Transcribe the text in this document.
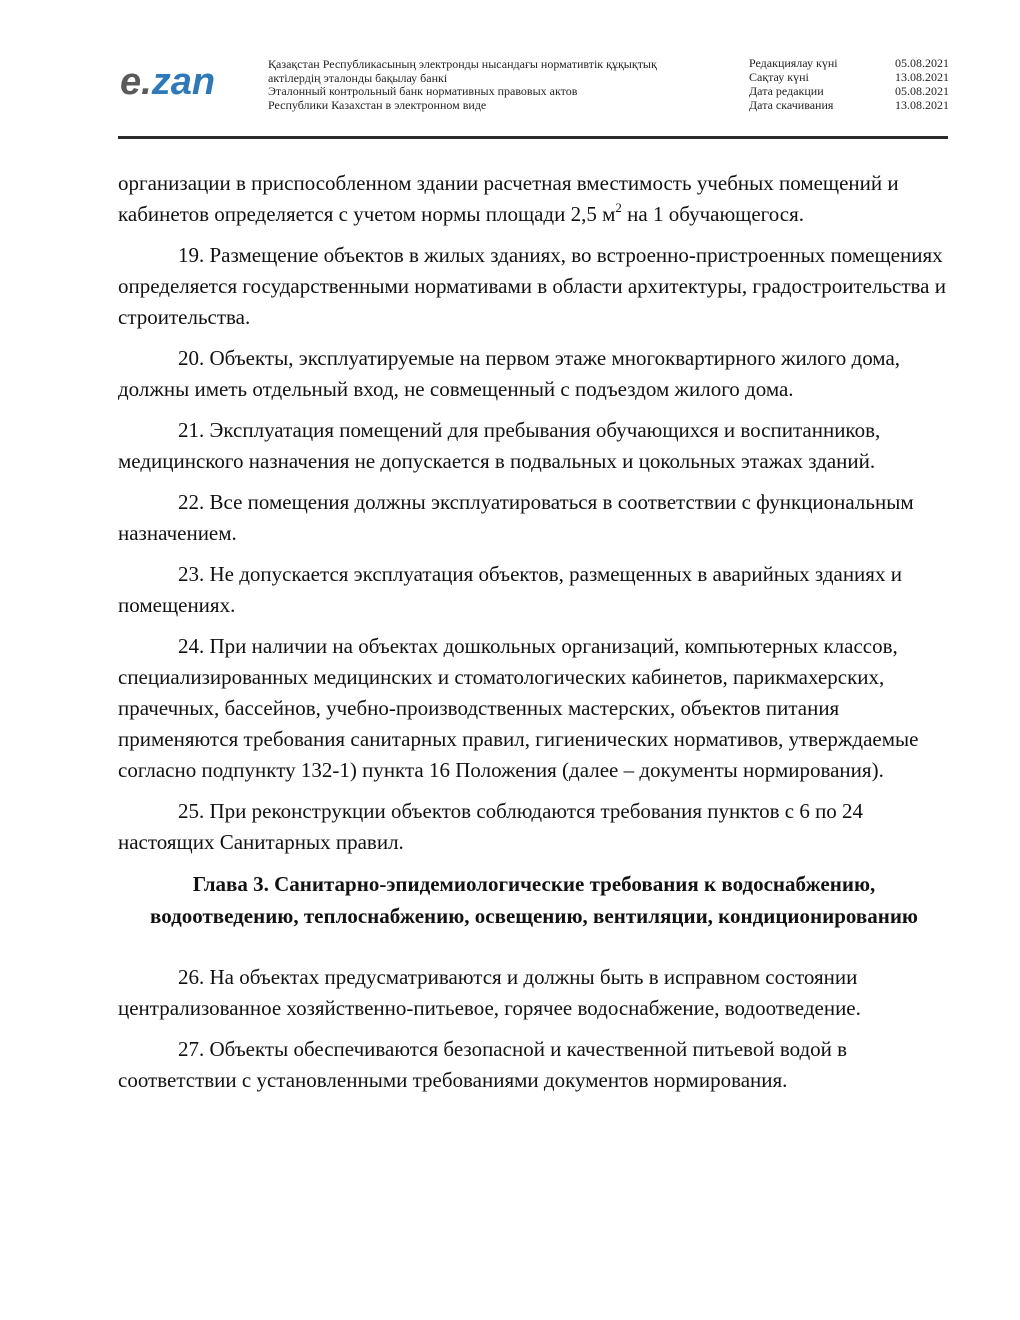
e.zan	Қазақстан Республикасының электронды нысандағы нормативтік құқықтық
актілердің эталонды бақылау банкі
Эталонный контрольный банк нормативных правовых актов
Республики Казахстан в электронном виде
Редакциялау күні	05.08.2021
Сақтау күні	13.08.2021
Дата редакции	05.08.2021
Дата скачивания	13.08.2021

организации в приспособленном здании расчетная вместимость учебных помещений и кабинетов определяется с учетом нормы площади 2,5 $м^2$ на 1 обучающегося.

19. Размещение объектов в жилых зданиях, во встроенно-пристроенных помещениях определяется государственными нормативами в области архитектуры, градостроительства и строительства.

20. Объекты, эксплуатируемые на первом этаже многоквартирного жилого дома, должны иметь отдельный вход, не совмещенный с подъездом жилого дома.

21. Эксплуатация помещений для пребывания обучающихся и воспитанников, медицинского назначения не допускается в подвальных и цокольных этажах зданий.

22. Все помещения должны эксплуатироваться в соответствии с функциональным назначением.

23. Не допускается эксплуатация объектов, размещенных в аварийных зданиях и помещениях.

24. При наличии на объектах дошкольных организаций, компьютерных классов, специализированных медицинских и стоматологических кабинетов, парикмахерских, прачечных, бассейнов, учебно-производственных мастерских, объектов питания применяются требования санитарных правил, гигиенических нормативов, утверждаемые согласно подпункту 132-1) пункта 16 Положения (далее – документы нормирования).

25. При реконструкции объектов соблюдаются требования пунктов с 6 по 24 настоящих Санитарных правил.

Глава 3. Санитарно-эпидемиологические требования к водоснабжению, водоотведению, теплоснабжению, освещению, вентиляции, кондиционированию

26. На объектах предусматриваются и должны быть в исправном состоянии централизованное хозяйственно-питьевое, горячее водоснабжение, водоотведение.

27. Объекты обеспечиваются безопасной и качественной питьевой водой в соответствии с установленными требованиями документов нормирования.
